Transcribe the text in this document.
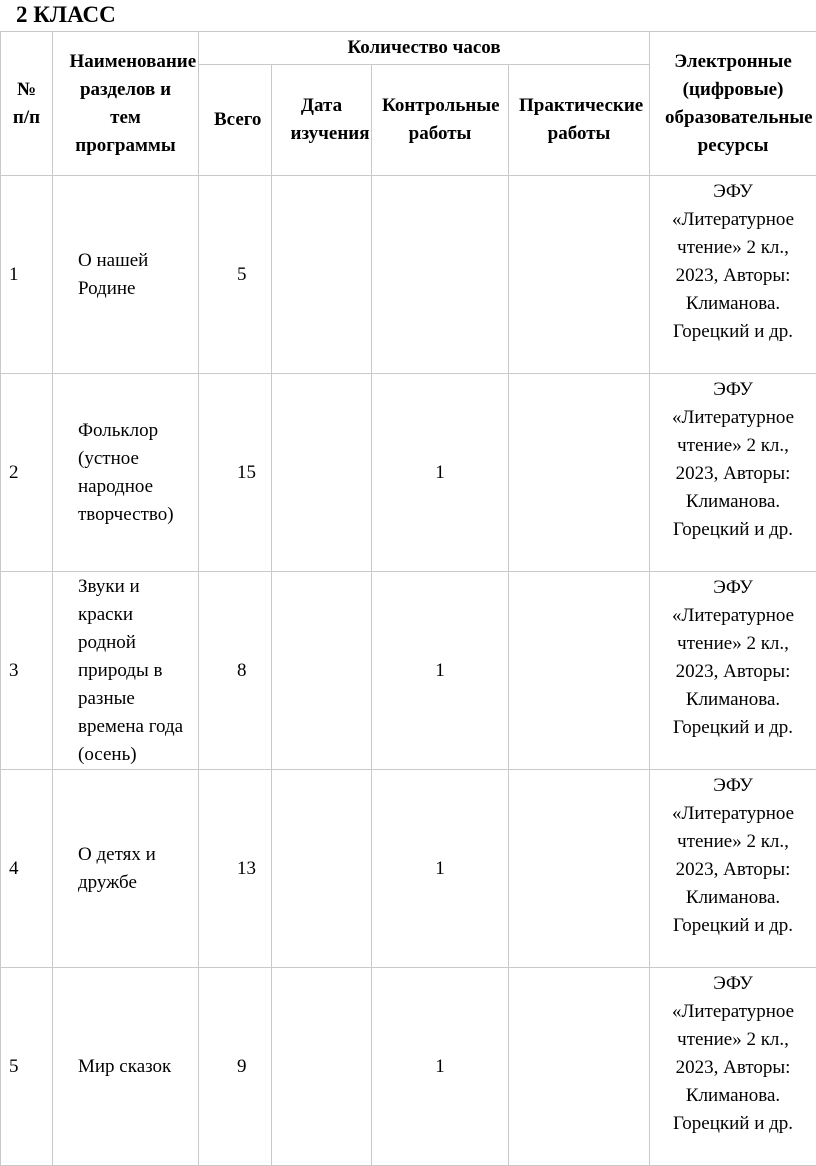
2 КЛАСС
№ п/п	Наименование разделов и тем программы	Количество часов				Электронные (цифровые) образовательные ресурсы
		Всего	Дата изучения	Контрольные работы	Практические работы	
1	О нашей Родине	5				ЭФУ «Литературное чтение» 2 кл., 2023, Авторы: Климанова. Горецкий и др.

2	Фольклор (устное народное творчество)	15		1		ЭФУ «Литературное чтение» 2 кл., 2023, Авторы: Климанова. Горецкий и др.

3	Звуки и краски родной природы в разные времена года (осень)	8		1		ЭФУ «Литературное чтение» 2 кл., 2023, Авторы: Климанова. Горецкий и др.

4	О детях и дружбе	13		1		ЭФУ «Литературное чтение» 2 кл., 2023, Авторы: Климанова. Горецкий и др.

5	Мир сказок	9		1		ЭФУ «Литературное чтение» 2 кл., 2023, Авторы: Климанова. Горецкий и др.
